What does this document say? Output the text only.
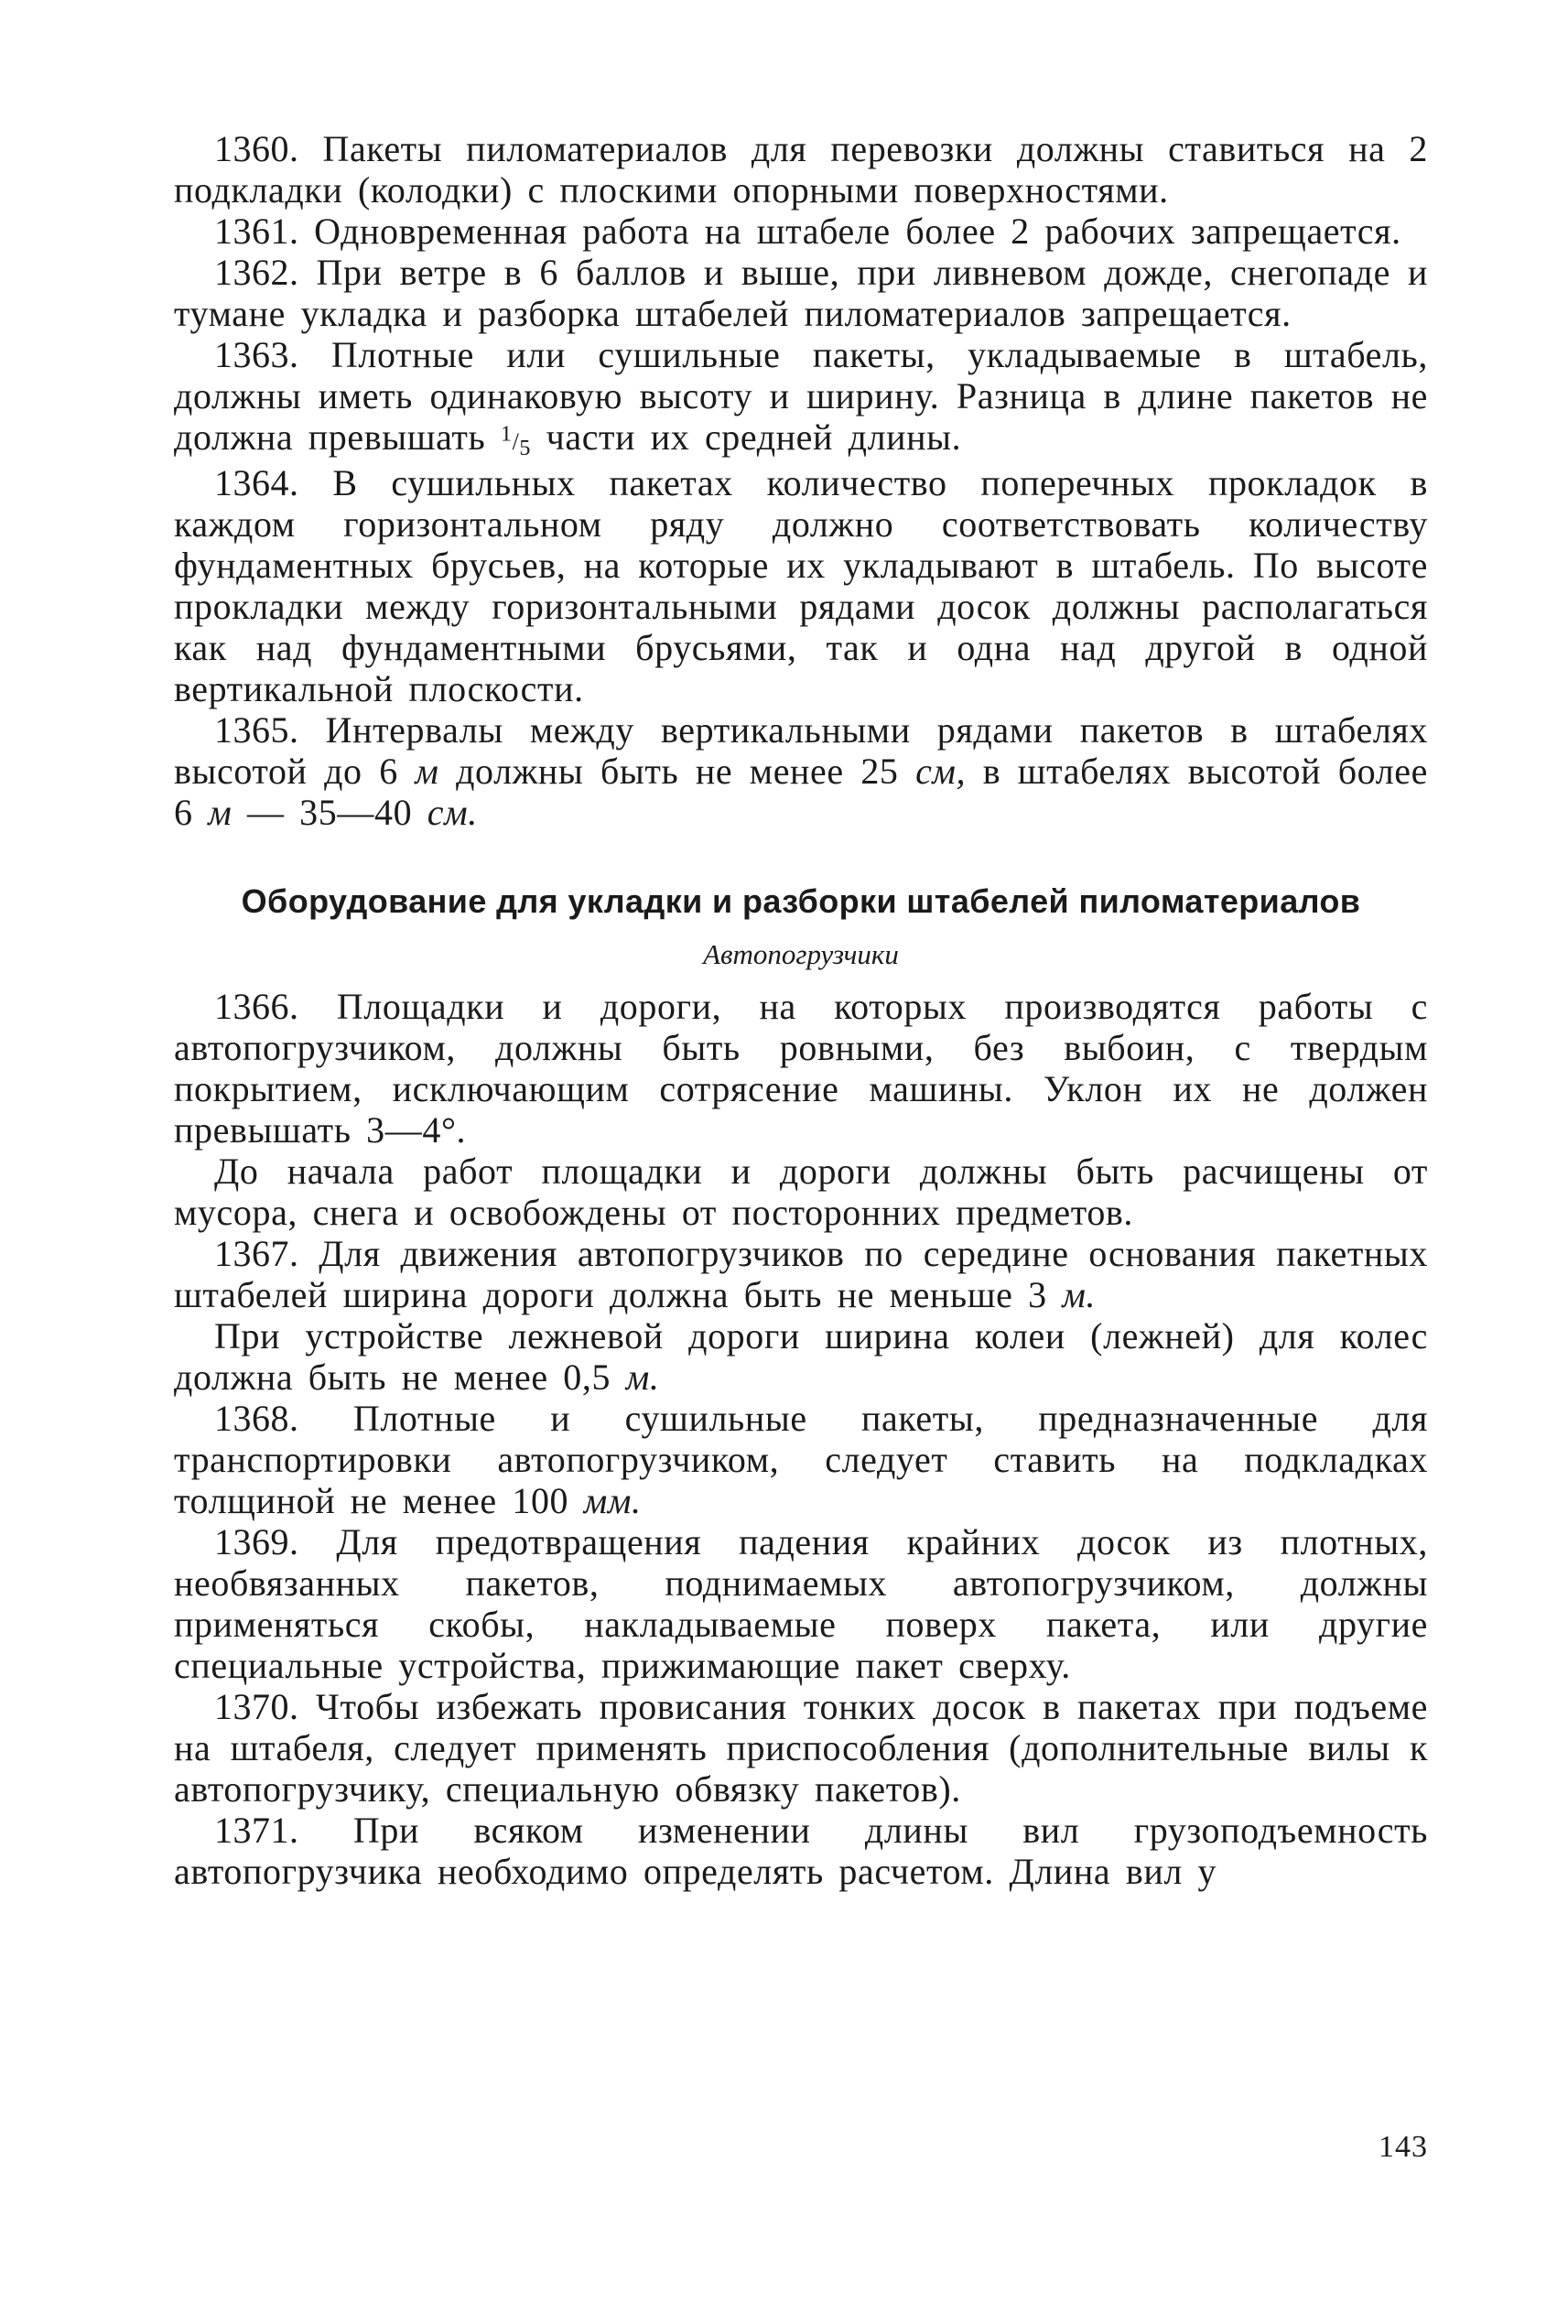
1360. Пакеты пиломатериалов для перевозки должны ставиться на 2 подкладки (колодки) с плоскими опорными поверхностями.

1361. Одновременная работа на штабеле более 2 рабочих запрещается.

1362. При ветре в 6 баллов и выше, при ливневом дожде, снегопаде и тумане укладка и разборка штабелей пиломатериалов запрещается.

1363. Плотные или сушильные пакеты, укладываемые в штабель, должны иметь одинаковую высоту и ширину. Разница в длине пакетов не должна превышать $^1/_5$ части их средней длины.

1364. В сушильных пакетах количество поперечных прокладок в каждом горизонтальном ряду должно соответствовать количеству фундаментных брусьев, на которые их укладывают в штабель. По высоте прокладки между горизонтальными рядами досок должны располагаться как над фундаментными брусьями, так и одна над другой в одной вертикальной плоскости.

1365. Интервалы между вертикальными рядами пакетов в штабелях высотой до 6 м должны быть не менее 25 см, в штабелях высотой более 6 м — 35—40 см.

Оборудование для укладки и разборки штабелей пиломатериалов
Автопогрузчики

1366. Площадки и дороги, на которых производятся работы с автопогрузчиком, должны быть ровными, без выбоин, с твердым покрытием, исключающим сотрясение машины. Уклон их не должен превышать 3—4°.

До начала работ площадки и дороги должны быть расчищены от мусора, снега и освобождены от посторонних предметов.

1367. Для движения автопогрузчиков по середине основания пакетных штабелей ширина дороги должна быть не меньше 3 м.

При устройстве лежневой дороги ширина колеи (лежней) для колес должна быть не менее 0,5 м.

1368. Плотные и сушильные пакеты, предназначенные для транспортировки автопогрузчиком, следует ставить на подкладках толщиной не менее 100 мм.

1369. Для предотвращения падения крайних досок из плотных, необвязанных пакетов, поднимаемых автопогрузчиком, должны применяться скобы, накладываемые поверх пакета, или другие специальные устройства, прижимающие пакет сверху.

1370. Чтобы избежать провисания тонких досок в пакетах при подъеме на штабеля, следует применять приспособления (дополнительные вилы к автопогрузчику, специальную обвязку пакетов).

1371. При всяком изменении длины вил грузоподъемность автопогрузчика необходимо определять расчетом. Длина вил у

143
